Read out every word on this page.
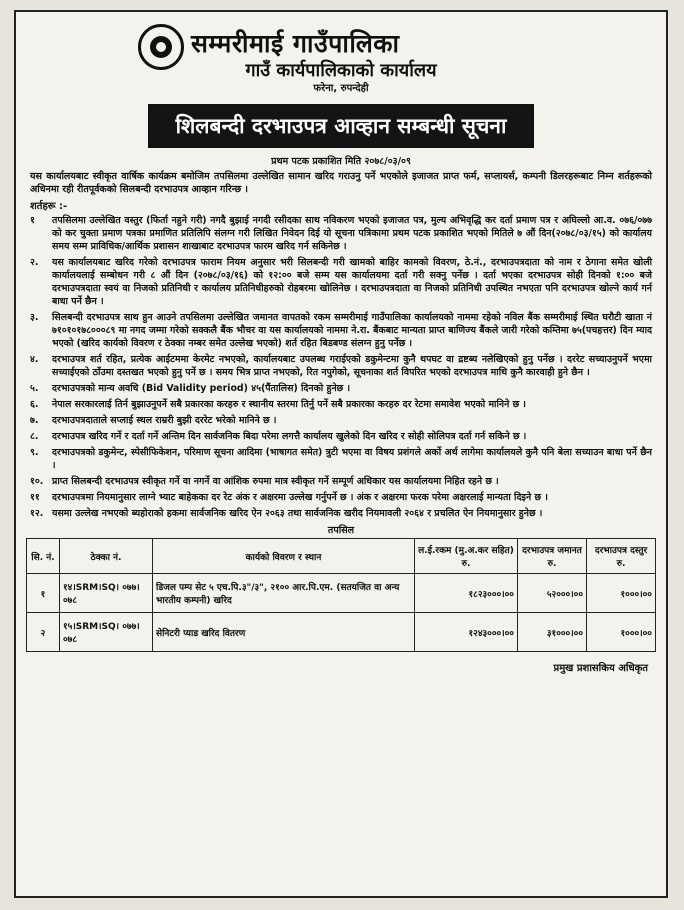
सम्मरीमाई गाउँपालिका
गाउँ कार्यपालिकाको कार्यालय
फरेना, रुपन्देही
शिलबन्दी दरभाउपत्र आव्हान सम्बन्धी सूचना
प्रथम पटक प्रकाशित मिति २०७८/०३/०९
यस कार्यालयबाट स्वीकृत वार्षिक कार्यक्रम बमोजिम तपसिलमा उल्लेखित सामान खरिद गराउनु पर्ने भएकोले इजाजत प्राप्त फर्म, सप्लायर्स, कम्पनी डिलरहरूबाट निम्न शर्तहरूको अधिनमा रही रीतपूर्वकको सिलबन्दी दरभाउपत्र आव्हान गरिन्छ ।
शर्तहरू :-
१	तपसिलमा उल्लेखित वस्तुर (फिर्ता नहुने गरी) नगदै बुझाई नगदी रसीदका साथ नविकरण भएको इजाजत पत्र, मुल्य अभिवृद्धि कर दर्ता प्रमाण पत्र र अघिल्लो आ.व. ०७६/०७७ को कर चुक्ता प्रमाण पत्रका प्रमाणित प्रतिलिपि संलग्न गरी लिखित निवेदन दिई यो सूचना पत्रिकामा प्रथम पटक प्रकाशित भएको मितिले ७ औं दिन(२०७८/०३/१५) को कार्यालय समय सम्म प्राविधिक/आर्थिक प्रशासन शाखाबाट दरभाउपत्र फारम खरिद गर्न सकिनेछ ।
२.	यस कार्यालयबाट खरिद गरेको दरभाउपत्र फाराम नियम अनुसार भरी सिलबन्दी गरी खामको बाहिर कामको विवरण, ठे.नं., दरभाउपत्रदाता को नाम र ठेगाना समेत खोली कार्यालयलाई सम्बोधन गरी ८ औं दिन (२०७८/०३/१६) को १२:०० बजे सम्म यस कार्यालयमा दर्ता गरी सक्नु पर्नेछ । दर्ता भएका दरभाउपत्र सोही दिनको १:०० बजे दरभाउपत्रदाता स्वयं वा निजको प्रतिनिधी र कार्यालय प्रतिनिधीहरुको रोहबरमा खोलिनेछ । दरभाउपत्रदाता वा निजको प्रतिनिधी उपस्थित नभएता पनि दरभाउपत्र खोल्ने कार्य गर्न बाधा पर्ने छैन ।
३.	सिलबन्दी दरभाउपत्र साथ हुन आउने तपसिलमा उल्लेखित जमानत वापतको रकम सम्मरीमाई गाउँपालिका कार्यालयको नाममा रहेको नविल बैंक सम्मरीमाई स्थित घरौटी खाता नं ७१०१०१७८०००८९ मा नगद जम्मा गरेको सक्कलै बैंक भौचर वा यस कार्यालयको नाममा ने.रा. बैंकबाट मान्यता प्राप्त बाणिज्य बैंकले जारी गरेको कम्तिमा ७५(पचहत्तर) दिन म्याद भएको (खरिद कार्यको विवरण र ठेक्का नम्बर समेत उल्लेख भएको) शर्त रहित बिडबण्ड संलग्न हुनु पर्नेछ ।
४.	दरभाउपत्र शर्त रहित, प्रत्येक आईटममा केरमेट नभएको, कार्यालयबाट उपलब्ध गराईएको डकुमेन्टमा कुनै थपघट वा द्रष्टब्य नलेखिएको हुनु पर्नेछ । दररेट सच्याउनुपर्ने भएमा सच्याईएको ठाँउमा दस्तखत भएको हुनु पर्ने छ । समय भित्र प्राप्त नभएको, रित नपुगेको, सूचनाका शर्त विपरित भएको दरभाउपत्र माथि कुनै कारवाही हुने छैन ।
५.	दरभाउपत्रको मान्य अवधि (Bid Validity period) ४५(पैंतालिस) दिनको हुनेछ ।
६.	नेपाल सरकारलाई तिर्न बुझाउनुपर्ने सबै प्रकारका करहरु र स्थानीय स्तरमा तिर्नु पर्ने सबै प्रकारका करहरु दर रेटमा समावेश भएको मानिने छ ।
७.	दरभाउपत्रदाताले सप्लाई स्थल राम्ररी बुझी दररेट भरेको मानिने छ ।
८.	दरभाउपत्र खरिद गर्ने र दर्ता गर्ने अन्तिम दिन सार्वजनिक बिदा परेमा लगत्तै कार्यालय खुलेको दिन खरिद र सोही सोलिपत्र दर्ता गर्न सकिने छ ।
९.	दरभाउपत्रको डकुमेन्ट, स्पेसीफिकेशन, परिमाण सूचना आदिमा (भाषागत समेत) त्रुटी भएमा वा विषय प्रशंगले अर्को अर्थ लागेमा कार्यालयले कुनै पनि बेला सच्याउन बाधा पर्ने छैन ।
१०. प्राप्त सिलबन्दी दरभाउपत्र स्वीकृत गर्ने वा नगर्ने वा आंशिक रुपमा मात्र स्वीकृत गर्ने सम्पूर्ण अधिकार यस कार्यालयमा निहित रहने छ ।
११	दरभाउपत्रमा नियमानुसार लाग्ने भ्याट बाहेकका दर रेट अंक र अक्षरमा उल्लेख गर्नुपर्ने छ । अंक र अक्षरमा फरक परेमा अक्षरलाई मान्यता दिइने छ ।
१२. यसमा उल्लेख नभएको ब्यहोराको हकमा सार्वजनिक खरिद ऐन २०६३ तथा सार्वजनिक खरीद नियमावली २०६४ र प्रचलित ऐन नियमानुसार हुनेछ ।
तपसिल
सि. नं.	ठेक्का नं.	कार्यको विवरण र स्थान	ल.ई.रकम (मु.अ.कर सहित) रु.	दरभाउपत्र जमानत रु.	दरभाउपत्र दस्तुर रु.
१	१४।SRM।SQ। ०७७।०७८	डिजल पम्प सेट ५ एच.पि.३"/३", २१०० आर.पि.एम. (सतयजित वा अन्य भारतीय कम्पनी) खरिद	१८२३०००।००	५२०००।००	१०००।००
२	१५।SRM।SQ। ०७७।०७८	सेनिटरी प्याड खरिद वितरण	१२४३०००।००	३१०००।००	१०००।००
प्रमुख प्रशासकिय अधिकृत
